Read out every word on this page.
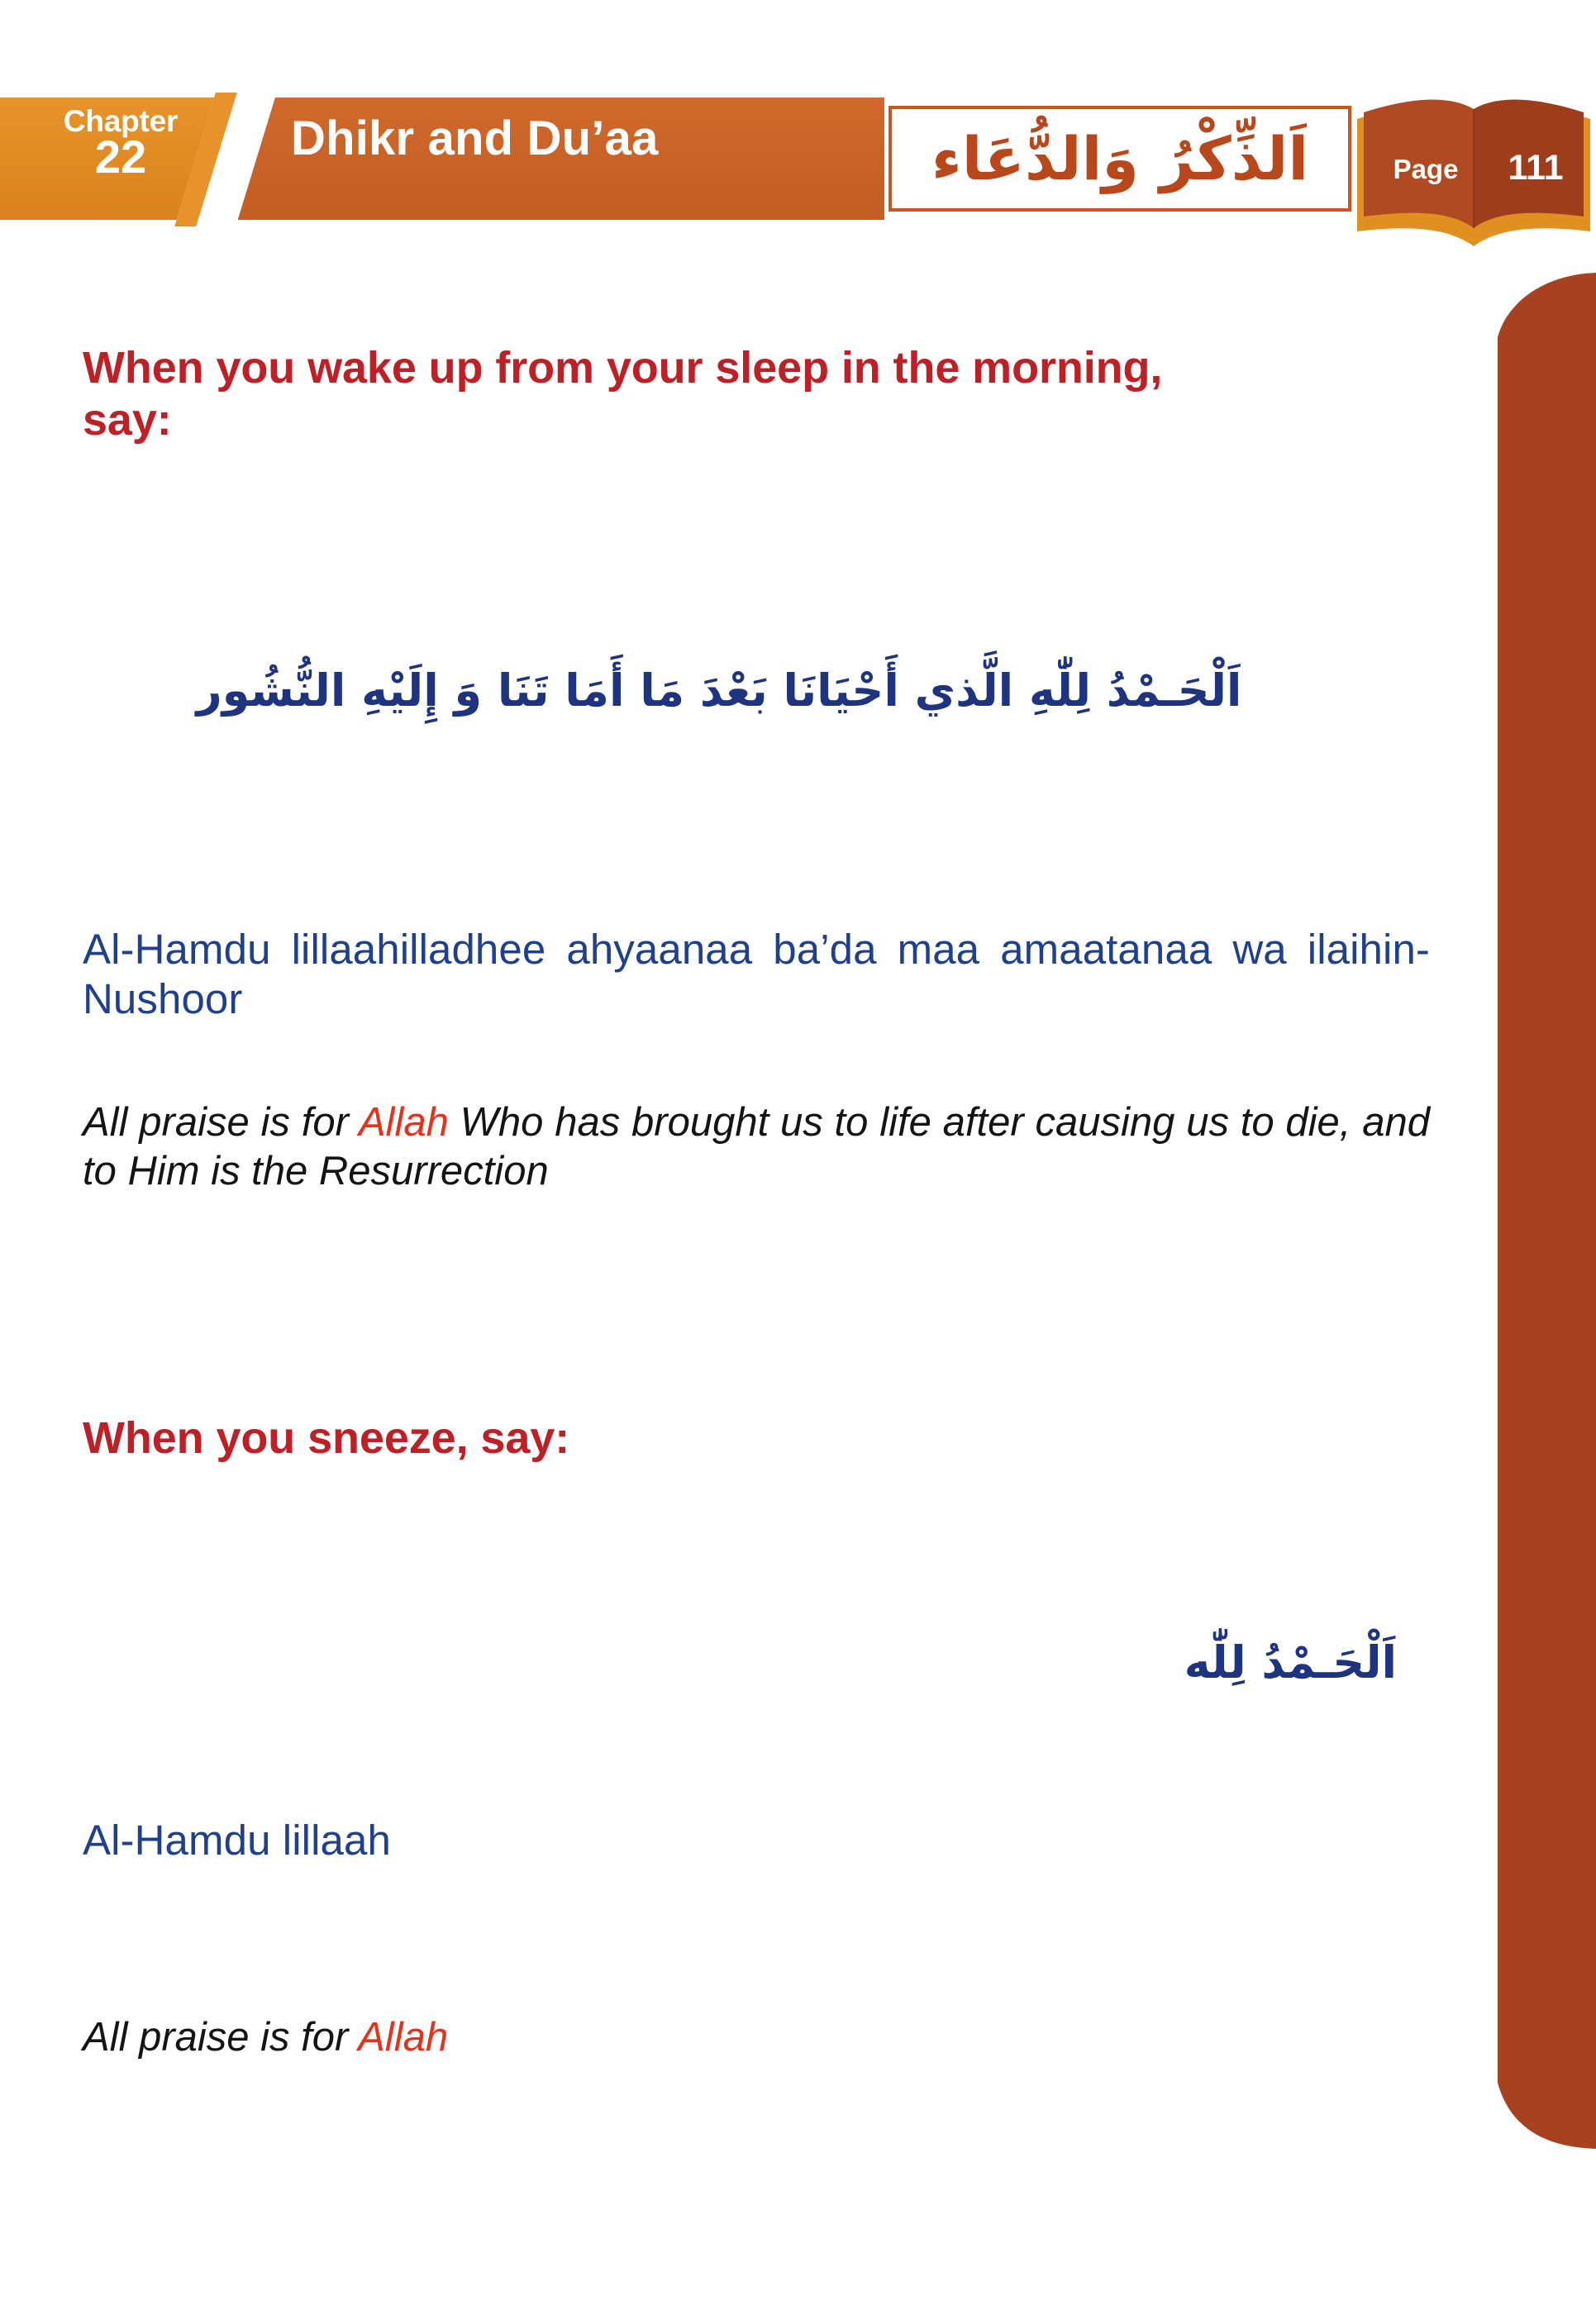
Chapter
22	Dhikr and Du’aa	اَلذِّكْرُ وَالدُّعَاء	Page	111
When you wake up from your sleep in the morning, say:
اَلْحَـمْدُ لِلّٰهِ الَّذي أَحْيَانَا بَعْدَ مَا أَمَا تَنَا وَ إِلَيْهِ النُّشُور
Al-Hamdu lillaahilladhee ahyaanaa ba’da maa amaatanaa wa ilaihin-Nushoor
All praise is for Allah Who has brought us to life after causing us to die, and to Him is the Resurrection
When you sneeze, say:
اَلْحَـمْدُ لِلّٰه
Al-Hamdu lillaah
All praise is for Allah
